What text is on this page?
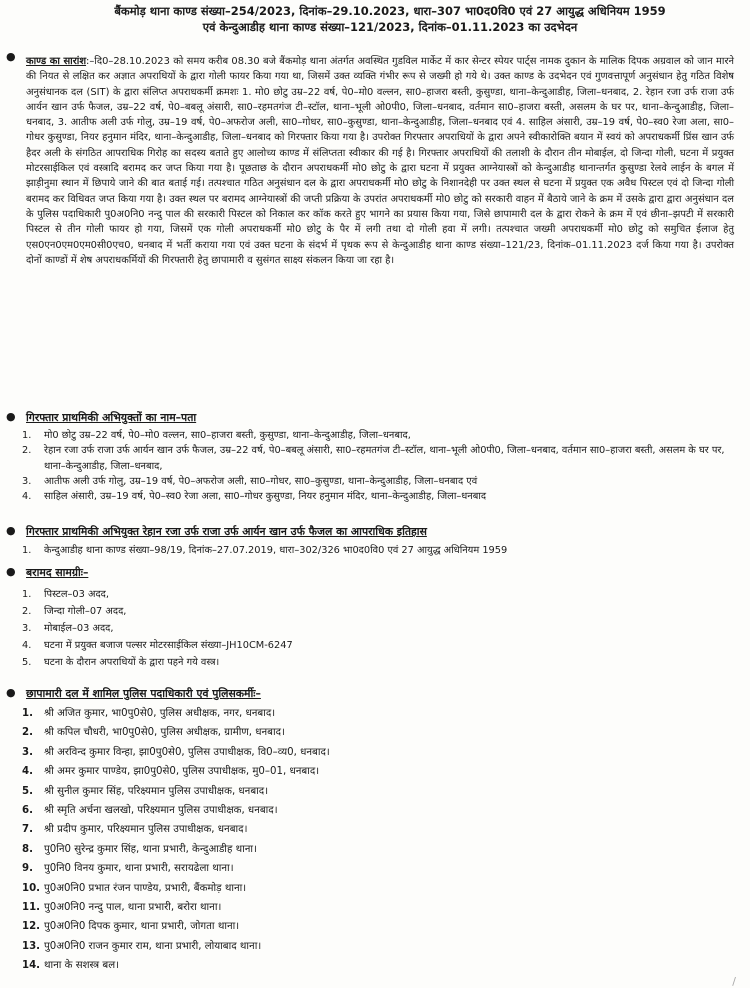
बैंकमोड़ थाना काण्ड संख्या–254/2023, दिनांक–29.10.2023, धारा–307 भा0द0वि0 एवं 27 आयुद्ध अधिनियम 1959
एवं केन्दुआडीह थाना काण्ड संख्या–121/2023, दिनांक–01.11.2023 का उदभेदन
● काण्ड का सारांश:–दि0–28.10.2023 को समय करीब 08.30 बजे बैंकमोड़ थाना अंतर्गत अवस्थित गुडविल मार्केट में कार सेन्टर स्पेयर पार्ट्स नामक दुकान के मालिक दिपक अग्रवाल को जान मारने की नियत से लक्षित कर अज्ञात अपराधियों के द्वारा गोली फायर किया गया था, जिसमें उक्त व्यक्ति गंभीर रूप से जख्मी हो गये थे। उक्त काण्ड के उदभेदन एवं गुणवत्तापूर्ण अनुसंधान हेतु गठित विशेष अनुसंधानक दल (SIT) के द्वारा संलिप्त अपराधकर्मी क्रमशः 1. मो0 छोटु उम्र–22 वर्ष, पे0–मो0 वल्लन, सा0–हाजरा बस्ती, कुसुण्डा, थाना–केन्दुआडीह, जिला–धनबाद, 2. रेहान रजा उर्फ राजा उर्फ आर्यन खान उर्फ फैजल, उम्र–22 वर्ष, पे0–बबलू अंसारी, सा0–रहमतगंज टी–स्टॉल, थाना–भूली ओ0पी0, जिला–धनबाद, वर्तमान सा0–हाजरा बस्ती, असलम के घर पर, थाना–केन्दुआडीह, जिला–धनबाद, 3. आतीफ अली उर्फ गोलु, उम्र–19 वर्ष, पे0–अफरोज अली, सा0–गोधर, सा0–कुसुण्डा, थाना–केन्दुआडीह, जिला–धनबाद एवं 4. साहिल अंसारी, उम्र–19 वर्ष, पे0–स्व0 रेजा अला, सा0–गोधर कुसुण्डा, नियर हनुमान मंदिर, थाना–केन्दुआडीह, जिला–धनबाद को गिरफ्तार किया गया है। उपरोक्त गिरफ्तार अपराधियों के द्वारा अपने स्वीकारोक्ति बयान में स्वयं को अपराधकर्मी प्रिंस खान उर्फ हैदर अली के संगठित आपराधिक गिरोह का सदस्य बताते हुए आलोच्य काण्ड में संलिप्तता स्वीकार की गई है। गिरफ्तार अपराधियों की तलाशी के दौरान तीन मोबाईल, दो जिन्दा गोली, घटना में प्रयुक्त मोटरसाईकिल एवं वस्त्रादि बरामद कर जप्त किया गया है। पूछताछ के दौरान अपराधकर्मी मो0 छोटु के द्वारा घटना में प्रयुक्त आग्नेयास्त्रों को केन्दुआडीह थानान्तर्गत कुसुण्डा रेलवे लाईन के बगल में झाड़ीनुमा स्थान में छिपाये जाने की बात बताई गई। तत्पश्चात गठित अनुसंधान दल के द्वारा अपराधकर्मी मो0 छोटु के निशानदेही पर उक्त स्थल से घटना में प्रयुक्त एक अवैध पिस्टल एवं दो जिन्दा गोली बरामद कर विधिवत जप्त किया गया है। उक्त स्थल पर बरामद आग्नेयास्त्रों की जप्ती प्रक्रिया के उपरांत अपराधकर्मी मो0 छोटु को सरकारी वाहन में बैठाये जाने के क्रम में उसके द्वारा द्वारा अनुसंधान दल के पुलिस पदाधिकारी पु0अ0नि0 नन्दु पाल की सरकारी पिस्टल को निकाल कर कॉक करते हुए भागने का प्रयास किया गया, जिसे छापामारी दल के द्वारा रोकने के क्रम में एवं छीना–झपटी में सरकारी पिस्टल से तीन गोली फायर हो गया, जिसमें एक गोली अपराधकर्मी मो0 छोटु के पैर में लगी तथा दो गोली हवा में लगी। तत्पश्चात जख्मी अपराधकर्मी मो0 छोटु को समुचित ईलाज हेतु एस0एन0एम0एम0सी0एच0, धनबाद में भर्ती कराया गया एवं उक्त घटना के संदर्भ में पृथक रूप से केन्दुआडीह थाना काण्ड संख्या–121/23, दिनांक–01.11.2023 दर्ज किया गया है। उपरोक्त दोनों काण्डों में शेष अपराधकर्मियों की गिरफ्तारी हेतु छापामारी व सुसंगत साक्ष्य संकलन किया जा रहा है।
● गिरफ्तार प्राथमिकी अभियुक्तों का नाम–पता
1. मो0 छोटु उम्र–22 वर्ष, पे0–मो0 वल्लन, सा0–हाजरा बस्ती, कुसुण्डा, थाना–केन्दुआडीह, जिला–धनबाद,
2. रेहान रजा उर्फ राजा उर्फ आर्यन खान उर्फ फैजल, उम्र–22 वर्ष, पे0–बबलू अंसारी, सा0–रहमतगंज टी–स्टॉल, थाना–भूली ओ0पी0, जिला–धनबाद, वर्तमान सा0–हाजरा बस्ती, असलम के घर पर, थाना–केन्दुआडीह, जिला–धनबाद,
3. आतीफ अली उर्फ गोलु, उम्र–19 वर्ष, पे0–अफरोज अली, सा0–गोधर, सा0–कुसुण्डा, थाना–केन्दुआडीह, जिला–धनबाद एवं
4. साहिल अंसारी, उम्र–19 वर्ष, पे0–स्व0 रेजा अला, सा0–गोधर कुसुण्डा, नियर हनुमान मंदिर, थाना–केन्दुआडीह, जिला–धनबाद
● गिरफ्तार प्राथमिकी अभियुक्त रेहान रजा उर्फ राजा उर्फ आर्यन खान उर्फ फैजल का आपराधिक इतिहास
1. केन्दुआडीह थाना काण्ड संख्या–98/19, दिनांक–27.07.2019, धारा–302/326 भा0द0वि0 एवं 27 आयुद्ध अधिनियम 1959
● बरामद सामग्रीः–
1. पिस्टल–03 अदद,
2. जिन्दा गोली–07 अदद,
3. मोबाईल–03 अदद,
4. घटना में प्रयुक्त बजाज पल्सर मोटरसाईकिल संख्या–JH10CM-6247
5. घटना के दौरान अपराधियों के द्वारा पहने गये वस्त्र।
● छापामारी दल में शामिल पुलिस पदाधिकारी एवं पुलिसकर्मीः–
1. श्री अजित कुमार, भा0पु0से0, पुलिस अधीक्षक, नगर, धनबाद।
2. श्री कपिल चौधरी, भा0पु0से0, पुलिस अधीक्षक, ग्रामीण, धनबाद।
3. श्री अरविन्द कुमार विन्हा, झा0पु0से0, पुलिस उपाधीक्षक, वि0–व्य0, धनबाद।
4. श्री अमर कुमार पाण्डेय, झा0पु0से0, पुलिस उपाधीक्षक, मु0–01, धनबाद।
5. श्री सुनील कुमार सिंह, परिक्ष्यमान पुलिस उपाधीक्षक, धनबाद।
6. श्री स्मृति अर्चना खलखो, परिक्ष्यमान पुलिस उपाधीक्षक, धनबाद।
7. श्री प्रदीप कुमार, परिक्ष्यमान पुलिस उपाधीक्षक, धनबाद।
8. पु0नि0 सुरेन्द्र कुमार सिंह, थाना प्रभारी, केन्दुआडीह थाना।
9. पु0नि0 विनय कुमार, थाना प्रभारी, सरायढेला थाना।
10. पु0अ0नि0 प्रभात रंजन पाण्डेय, प्रभारी, बैंकमोड़ थाना।
11. पु0अ0नि0 नन्दु पाल, थाना प्रभारी, बरोरा थाना।
12. पु0अ0नि0 दिपक कुमार, थाना प्रभारी, जोगता थाना।
13. पु0अ0नि0 राजन कुमार राम, थाना प्रभारी, लोयाबाद थाना।
14. थाना के सशस्त्र बल।
/
